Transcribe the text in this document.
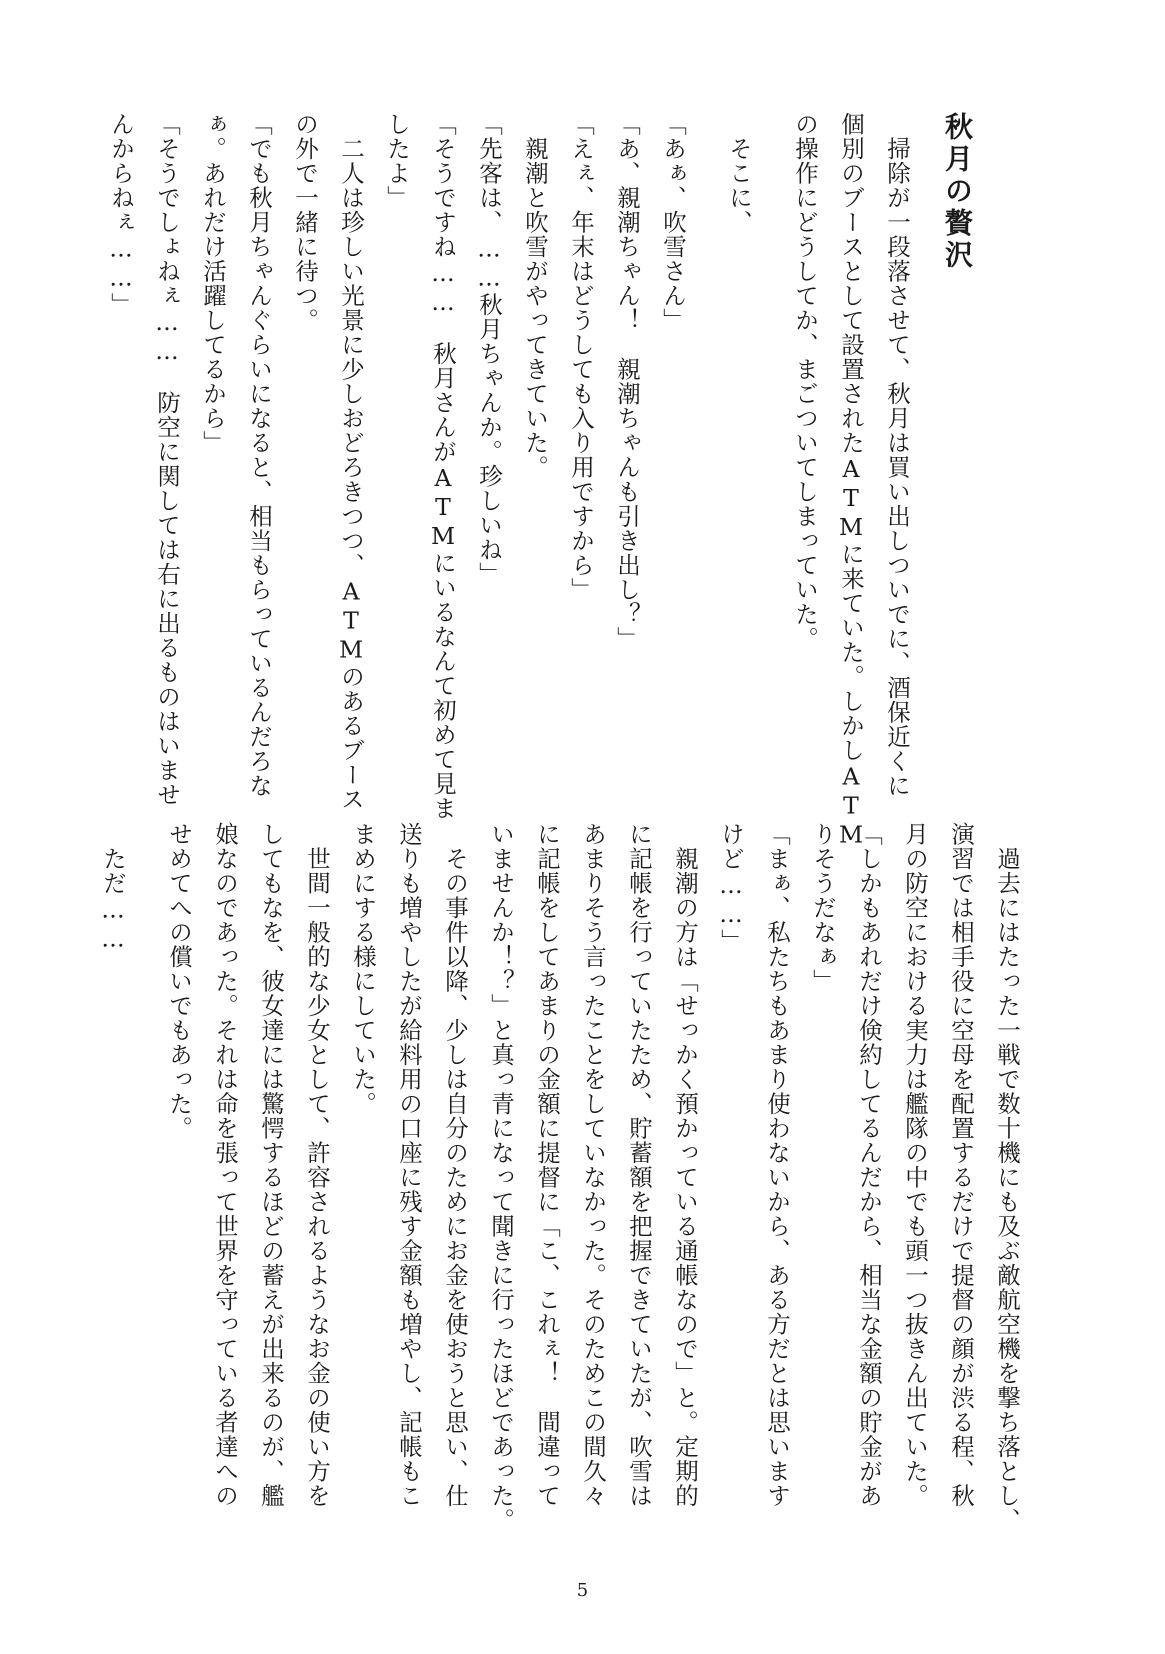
秋月の贅沢
　掃除が一段落させて、秋月は買い出しついでに、酒保近くに
個別のブースとして設置されたATMに来ていた。しかしATM
の操作にどうしてか、まごついてしまっていた。
　そこに、
「あぁ、吹雪さん」
「あ、親潮ちゃん！　親潮ちゃんも引き出し？」
「えぇ、年末はどうしても入り用ですから」
　親潮と吹雪がやってきていた。
「先客は、……秋月ちゃんか。珍しいね」
「そうですね……　秋月さんがATMにいるなんて初めて見ま
したよ」
　二人は珍しい光景に少しおどろきつつ、ATMのあるブース
の外で一緒に待つ。
「でも秋月ちゃんぐらいになると、相当もらっているんだろな
ぁ。あれだけ活躍してるから」
「そうでしょねぇ……　防空に関しては右に出るものはいませ
んからねぇ……」
　過去にはたった一戦で数十機にも及ぶ敵航空機を撃ち落とし、
演習では相手役に空母を配置するだけで提督の顔が渋る程、秋
月の防空における実力は艦隊の中でも頭一つ抜きん出ていた。
「しかもあれだけ倹約してるんだから、相当な金額の貯金があ
りそうだなぁ」
「まぁ、私たちもあまり使わないから、ある方だとは思います
けど……」
　親潮の方は「せっかく預かっている通帳なので」と。定期的
に記帳を行っていたため、貯蓄額を把握できていたが、吹雪は
あまりそう言ったことをしていなかった。そのためこの間久々
に記帳をしてあまりの金額に提督に「こ、これぇ！　間違って
いませんか！？」と真っ青になって聞きに行ったほどであった。
　その事件以降、少しは自分のためにお金を使おうと思い、仕
送りも増やしたが給料用の口座に残す金額も増やし、記帳もこ
まめにする様にしていた。
　世間一般的な少女として、許容されるようなお金の使い方を
してもなを、彼女達には驚愕するほどの蓄えが出来るのが、艦
娘なのであった。それは命を張って世界を守っている者達への
せめてへの償いでもあった。
　ただ……
5
